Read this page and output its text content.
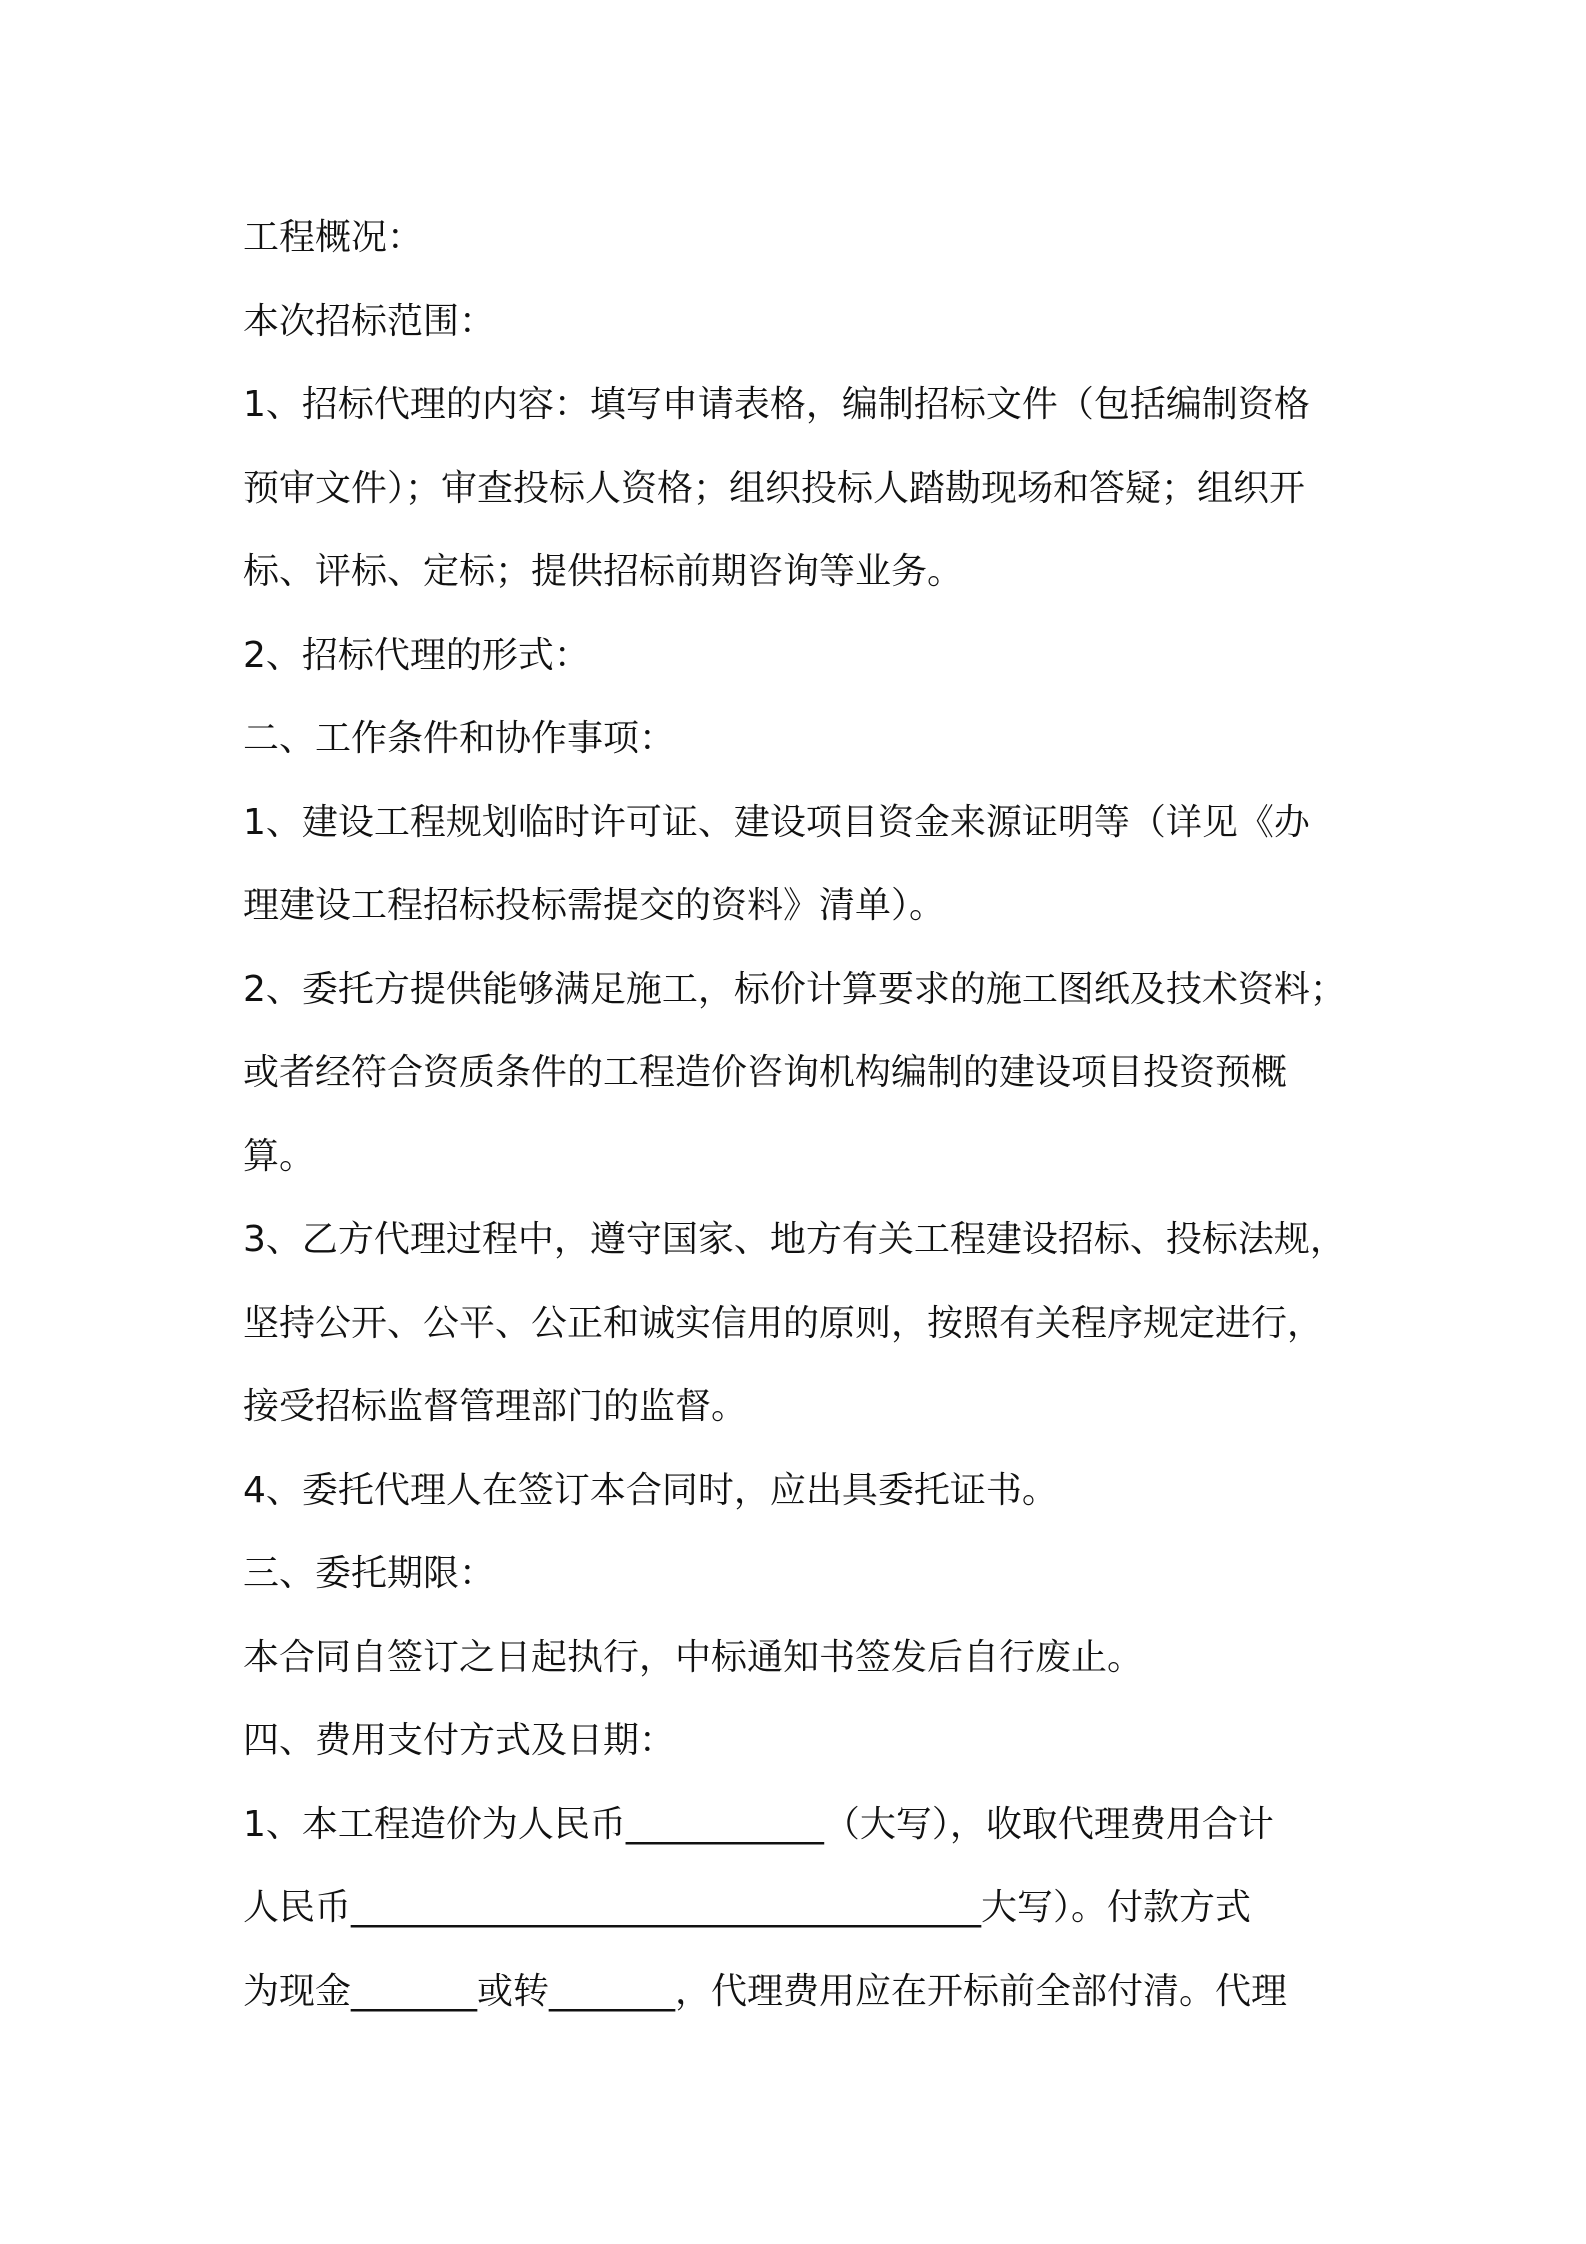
工程概况：
本次招标范围：
1、招标代理的内容：填写申请表格，编制招标文件（包括编制资格
预审文件）；审查投标人资格；组织投标人踏勘现场和答疑；组织开
标、评标、定标；提供招标前期咨询等业务。
2、招标代理的形式：
二、工作条件和协作事项：
1、建设工程规划临时许可证、建设项目资金来源证明等（详见《办
理建设工程招标投标需提交的资料》清单）。
2、委托方提供能够满足施工，标价计算要求的施工图纸及技术资料；
或者经符合资质条件的工程造价咨询机构编制的建设项目投资预概
算。
3、乙方代理过程中，遵守国家、地方有关工程建设招标、投标法规，
坚持公开、公平、公正和诚实信用的原则，按照有关程序规定进行，
接受招标监督管理部门的监督。
4、委托代理人在签订本合同时，应出具委托证书。
三、委托期限：
本合同自签订之日起执行，中标通知书签发后自行废止。
四、费用支付方式及日期：
1、本工程造价为人民币___________（大写），收取代理费用合计
人民币___________________________________大写）。付款方式
为现金_______或转_______，代理费用应在开标前全部付清。代理
